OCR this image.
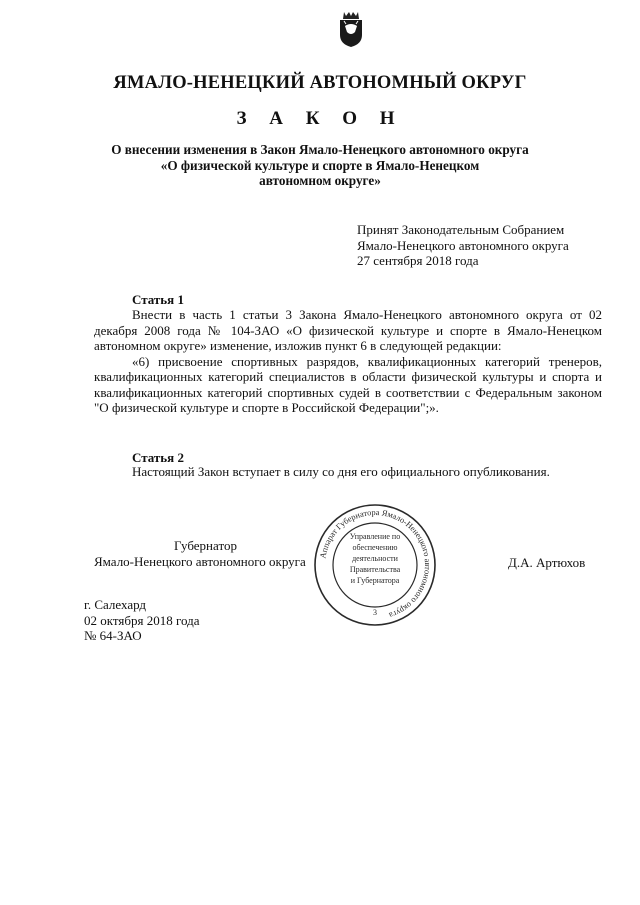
ЯМАЛО-НЕНЕЦКИЙ АВТОНОМНЫЙ ОКРУГ
З А К О Н
О внесении изменения в Закон Ямало-Ненецкого автономного округа
«О физической культуре и спорте в Ямало-Ненецком
автономном округе»
Принят Законодательным Собранием
Ямало-Ненецкого автономного округа
27 сентября 2018 года
Статья 1

Внести в часть 1 статьи 3 Закона Ямало-Ненецкого автономного округа от 02 декабря 2008 года № 104-ЗАО «О физической культуре и спорте в Ямало-Ненецком автономном округе» изменение, изложив пункт 6 в следующей редакции:

«6) присвоение спортивных разрядов, квалификационных категорий тренеров, квалификационных категорий специалистов в области физической культуры и спорта и квалификационных категорий спортивных судей в соответствии с Федеральным законом "О физической культуре и спорте в Российской Федерации";».

Статья 2

Настоящий Закон вступает в силу со дня его официального опубликования.

Губернатор
Ямало-Ненецкого автономного округа	Д.А. Артюхов
Аппарат Губернатора Ямало-Ненецкого автономного округа
Управление по
обеспечению
деятельности
Правительства
и Губернатора
3
г. Салехард
02 октября 2018 года
№ 64-ЗАО
